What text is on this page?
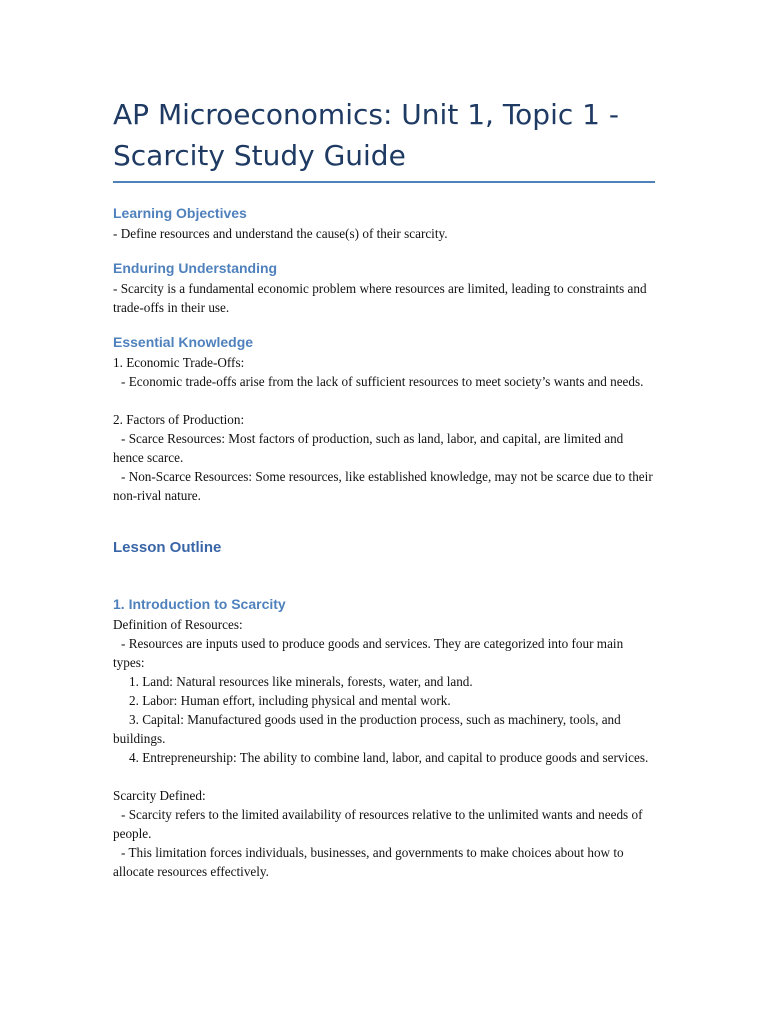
AP Microeconomics: Unit 1, Topic 1 -
Scarcity Study Guide
Learning Objectives

- Define resources and understand the cause(s) of their scarcity.

Enduring Understanding

- Scarcity is a fundamental economic problem where resources are limited, leading to constraints and trade-offs in their use.

Essential Knowledge

1. Economic Trade-Offs:

- Economic trade-offs arise from the lack of sufficient resources to meet society’s wants and needs.

2. Factors of Production:

- Scarce Resources: Most factors of production, such as land, labor, and capital, are limited and hence scarce.

- Non-Scarce Resources: Some resources, like established knowledge, may not be scarce due to their non-rival nature.

Lesson Outline
1. Introduction to Scarcity

Definition of Resources:

- Resources are inputs used to produce goods and services. They are categorized into four main types:

1. Land: Natural resources like minerals, forests, water, and land.

2. Labor: Human effort, including physical and mental work.

3. Capital: Manufactured goods used in the production process, such as machinery, tools, and buildings.

4. Entrepreneurship: The ability to combine land, labor, and capital to produce goods and services.

Scarcity Defined:

- Scarcity refers to the limited availability of resources relative to the unlimited wants and needs of people.

- This limitation forces individuals, businesses, and governments to make choices about how to allocate resources effectively.
